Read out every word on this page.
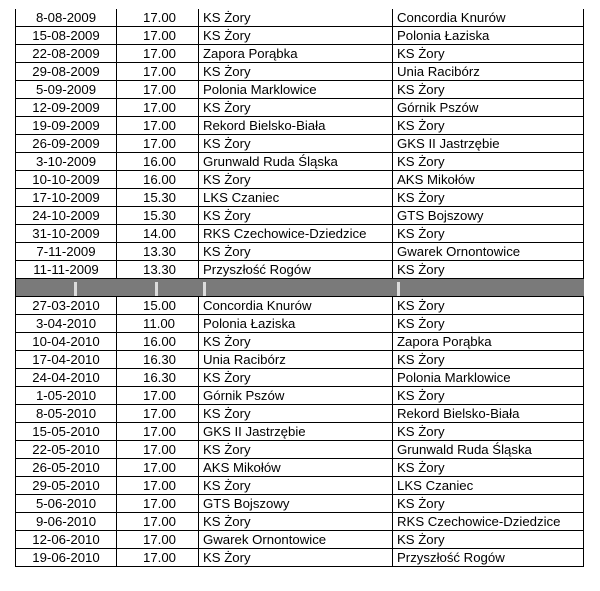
8-08-2009	17.00	KS Żory	Concordia Knurów
15-08-2009	17.00	KS Żory	Polonia Łaziska
22-08-2009	17.00	Zapora Porąbka	KS Żory
29-08-2009	17.00	KS Żory	Unia Racibórz
5-09-2009	17.00	Polonia Marklowice	KS Żory
12-09-2009	17.00	KS Żory	Górnik Pszów
19-09-2009	17.00	Rekord Bielsko-Biała	KS Żory
26-09-2009	17.00	KS Żory	GKS II Jastrzębie
3-10-2009	16.00	Grunwald Ruda Śląska	KS Żory
10-10-2009	16.00	KS Żory	AKS Mikołów
17-10-2009	15.30	LKS Czaniec	KS Żory
24-10-2009	15.30	KS Żory	GTS Bojszowy
31-10-2009	14.00	RKS Czechowice-Dziedzice	KS Żory
7-11-2009	13.30	KS Żory	Gwarek Ornontowice
11-11-2009	13.30	Przyszłość Rogów	KS Żory

27-03-2010	15.00	Concordia Knurów	KS Żory
3-04-2010	11.00	Polonia Łaziska	KS Żory
10-04-2010	16.00	KS Żory	Zapora Porąbka
17-04-2010	16.30	Unia Racibórz	KS Żory
24-04-2010	16.30	KS Żory	Polonia Marklowice
1-05-2010	17.00	Górnik Pszów	KS Żory
8-05-2010	17.00	KS Żory	Rekord Bielsko-Biała
15-05-2010	17.00	GKS II Jastrzębie	KS Żory
22-05-2010	17.00	KS Żory	Grunwald Ruda Śląska
26-05-2010	17.00	AKS Mikołów	KS Żory
29-05-2010	17.00	KS Żory	LKS Czaniec
5-06-2010	17.00	GTS Bojszowy	KS Żory
9-06-2010	17.00	KS Żory	RKS Czechowice-Dziedzice
12-06-2010	17.00	Gwarek Ornontowice	KS Żory
19-06-2010	17.00	KS Żory	Przyszłość Rogów
